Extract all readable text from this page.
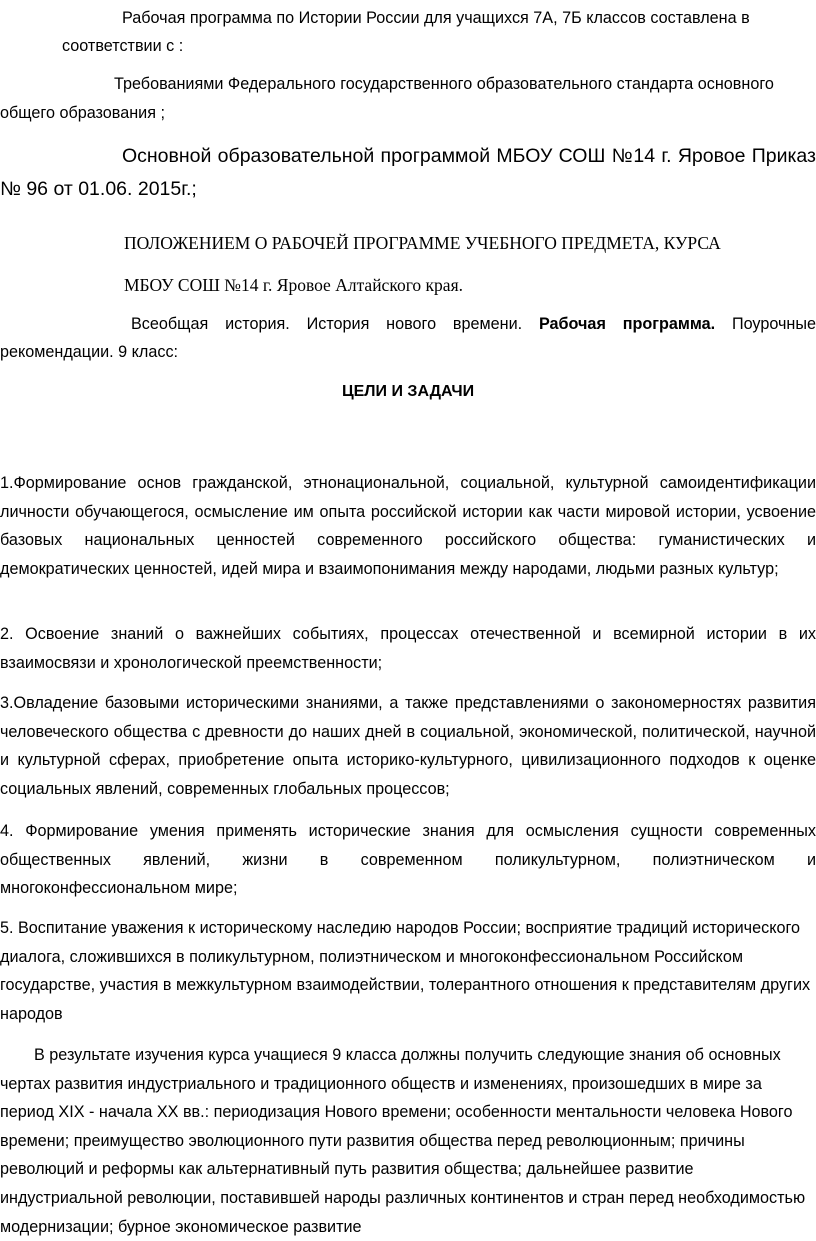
Рабочая программа по Истории России для учащихся 7А, 7Б классов составлена в соответствии с :

Требованиями Федерального государственного образовательного стандарта основного общего образования ;

Основной образовательной программой МБОУ СОШ №14 г. Яровое Приказ № 96 от 01.06. 2015г.;

ПОЛОЖЕНИЕМ О РАБОЧЕЙ ПРОГРАММЕ УЧЕБНОГО ПРЕДМЕТА, КУРСА

МБОУ СОШ №14 г. Яровое Алтайского края.

Всеобщая история. История нового времени. Рабочая программа. Поурочные рекомендации. 9 класс:

ЦЕЛИ И ЗАДАЧИ

1.Формирование основ гражданской, этнонациональной, социальной, культурной самоидентификации личности обучающегося, осмысление им опыта российской истории как части мировой истории, усвоение базовых национальных ценностей современного российского общества: гуманистических и демократических ценностей, идей мира и взаимопонимания между народами, людьми разных культур;

2. Освоение знаний о важнейших событиях, процессах отечественной и всемирной истории в их взаимосвязи и хронологической преемственности;

3.Овладение базовыми историческими знаниями, а также представлениями о закономерностях развития человеческого общества с древности до наших дней в социальной, экономической, политической, научной и культурной сферах, приобретение опыта историко-культурного, цивилизационного подходов к оценке социальных явлений, современных глобальных процессов;

4. Формирование умения применять исторические знания для осмысления сущности современных общественных явлений, жизни в современном поликультурном, полиэтническом и многоконфессиональном мире;

5. Воспитание уважения к историческому наследию народов России; восприятие традиций исторического диалога, сложившихся в поликультурном, полиэтническом и многоконфессиональном Российском государстве, участия в межкультурном взаимодействии, толерантного отношения к представителям других народов

В результате изучения курса учащиеся 9 класса должны получить следующие знания об основных чертах развития индустриального и традиционного обществ и изменениях, произошедших в мире за период XIX - начала XX вв.: периодизация Нового времени; особенности ментальности человека Нового времени; преимущество эволюционного пути развития общества перед революционным; причины революций и реформы как альтернативный путь развития общества; дальнейшее развитие индустриальной революции, поставившей народы различных континентов и стран перед необходимостью модернизации; бурное экономическое развитие
